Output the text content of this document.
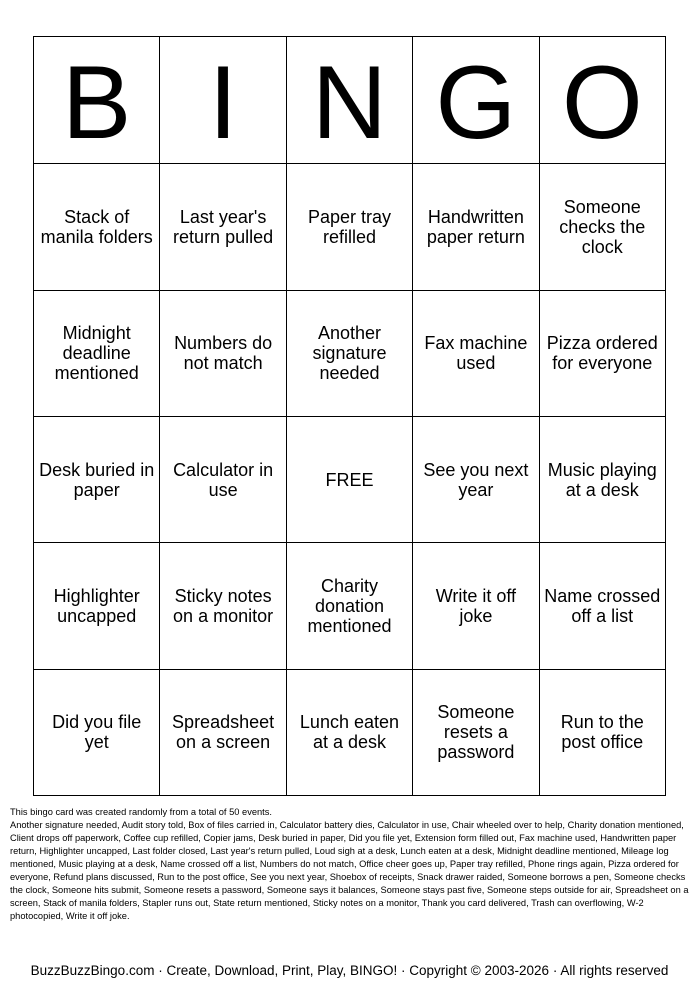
B	I	N	G	O
Stack of manila folders	Last year's return pulled	Paper tray refilled	Handwritten paper return	Someone checks the clock
Midnight deadline mentioned	Numbers do not match	Another signature needed	Fax machine used	Pizza ordered for everyone
Desk buried in paper	Calculator in use	FREE	See you next year	Music playing at a desk
Highlighter uncapped	Sticky notes on a monitor	Charity donation mentioned	Write it off joke	Name crossed off a list
Did you file yet	Spreadsheet on a screen	Lunch eaten at a desk	Someone resets a password	Run to the post office

This bingo card was created randomly from a total of 50 events.

Another signature needed, Audit story told, Box of files carried in, Calculator battery dies, Calculator in use, Chair wheeled over to help, Charity donation mentioned, Client drops off paperwork, Coffee cup refilled, Copier jams, Desk buried in paper, Did you file yet, Extension form filled out, Fax machine used, Handwritten paper return, Highlighter uncapped, Last folder closed, Last year's return pulled, Loud sigh at a desk, Lunch eaten at a desk, Midnight deadline mentioned, Mileage log mentioned, Music playing at a desk, Name crossed off a list, Numbers do not match, Office cheer goes up, Paper tray refilled, Phone rings again, Pizza ordered for everyone, Refund plans discussed, Run to the post office, See you next year, Shoebox of receipts, Snack drawer raided, Someone borrows a pen, Someone checks the clock, Someone hits submit, Someone resets a password, Someone says it balances, Someone stays past five, Someone steps outside for air, Spreadsheet on a screen, Stack of manila folders, Stapler runs out, State return mentioned, Sticky notes on a monitor, Thank you card delivered, Trash can overflowing, W-2 photocopied, Write it off joke.

BuzzBuzzBingo.com · Create, Download, Print, Play, BINGO! · Copyright © 2003-2026 · All rights reserved
